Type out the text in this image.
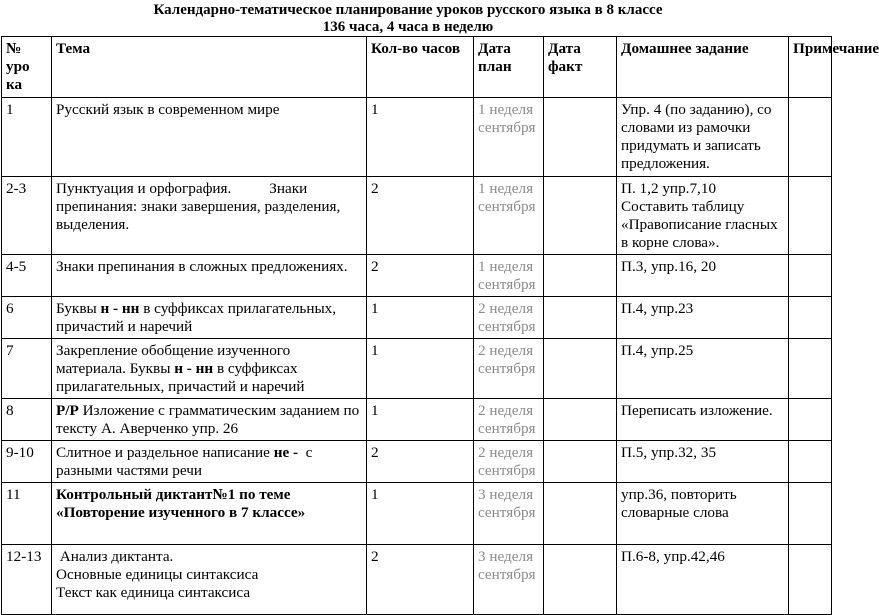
Календарно-тематическое планирование уроков русского языка в 8 классе
136 часа, 4 часа в неделю
№ уро ка	Тема	Кол-во часов	Дата план	Дата факт	Домашнее задание	Примечание
1	Русский язык в современном мире	1	1 неделя сентября		Упр. 4 (по заданию), со словами из рамочки придумать и записать предложения.	
2-3	Пунктуация и орфография.          Знаки препинания: знаки завершения, разделения, выделения.	2	1 неделя сентября		П. 1,2 упр.7,10 Составить таблицу «Правописание гласных в корне слова».	
4-5	Знаки препинания в сложных предложениях.	2	1 неделя сентября		П.3, упр.16, 20	
6	Буквы н - нн в суффиксах прилагательных, причастий и наречий	1	2 неделя сентября		П.4, упр.23	
7	Закрепление обобщение изученного материала. Буквы н - нн в суффиксах прилагательных, причастий и наречий	1	2 неделя сентября		П.4, упр.25	
8	Р/Р Изложение с грамматическим заданием по тексту А. Аверченко упр. 26	1	2 неделя сентября		Переписать изложение.	
9-10	Слитное и раздельное написание не -  с разными частями речи	2	2 неделя сентября		П.5, упр.32, 35	
11	Контрольный диктант№1 по теме «Повторение изученного в 7 классе»	1	3 неделя сентября		упр.36, повторить словарные слова	
12-13	Анализ диктанта.
Основные единицы синтаксиса
Текст как единица синтаксиса	2	3 неделя сентября		П.6-8, упр.42,46	
